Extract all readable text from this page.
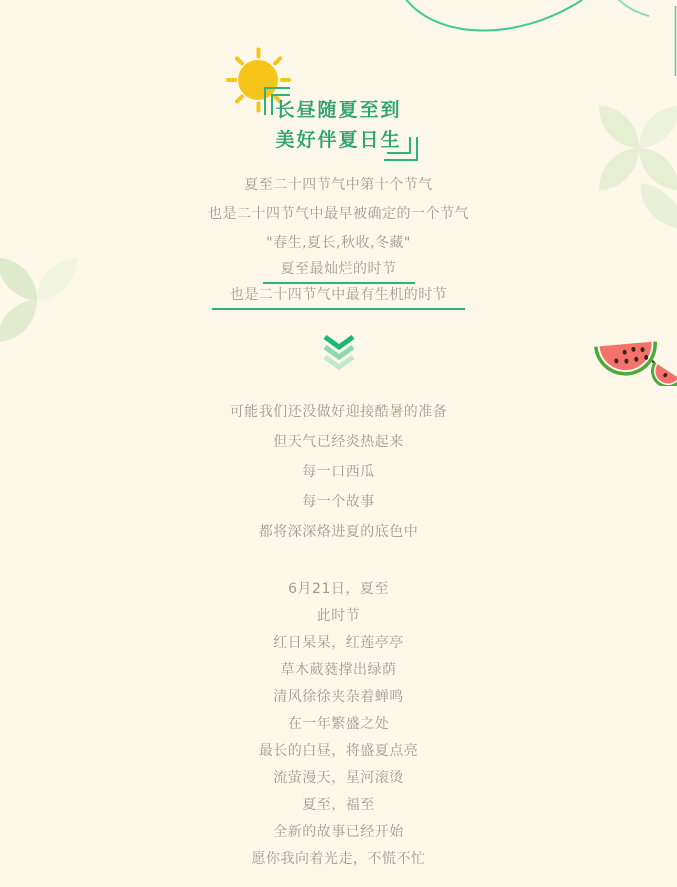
长昼随夏至到
美好伴夏日生
夏至二十四节气中第十个节气
也是二十四节气中最早被确定的一个节气
"春生,夏长,秋收,冬藏"
夏至最灿烂的时节
也是二十四节气中最有生机的时节
可能我们还没做好迎接酷暑的准备
但天气已经炎热起来
每一口西瓜
每一个故事
都将深深烙进夏的底色中
6月21日，夏至
此时节
红日杲杲，红莲亭亭
草木葳蕤撑出绿荫
清风徐徐夹杂着蝉鸣
在一年繁盛之处
最长的白昼，将盛夏点亮
流萤漫天，星河滚烫
夏至，福至
全新的故事已经开始
愿你我向着光走，不慌不忙
